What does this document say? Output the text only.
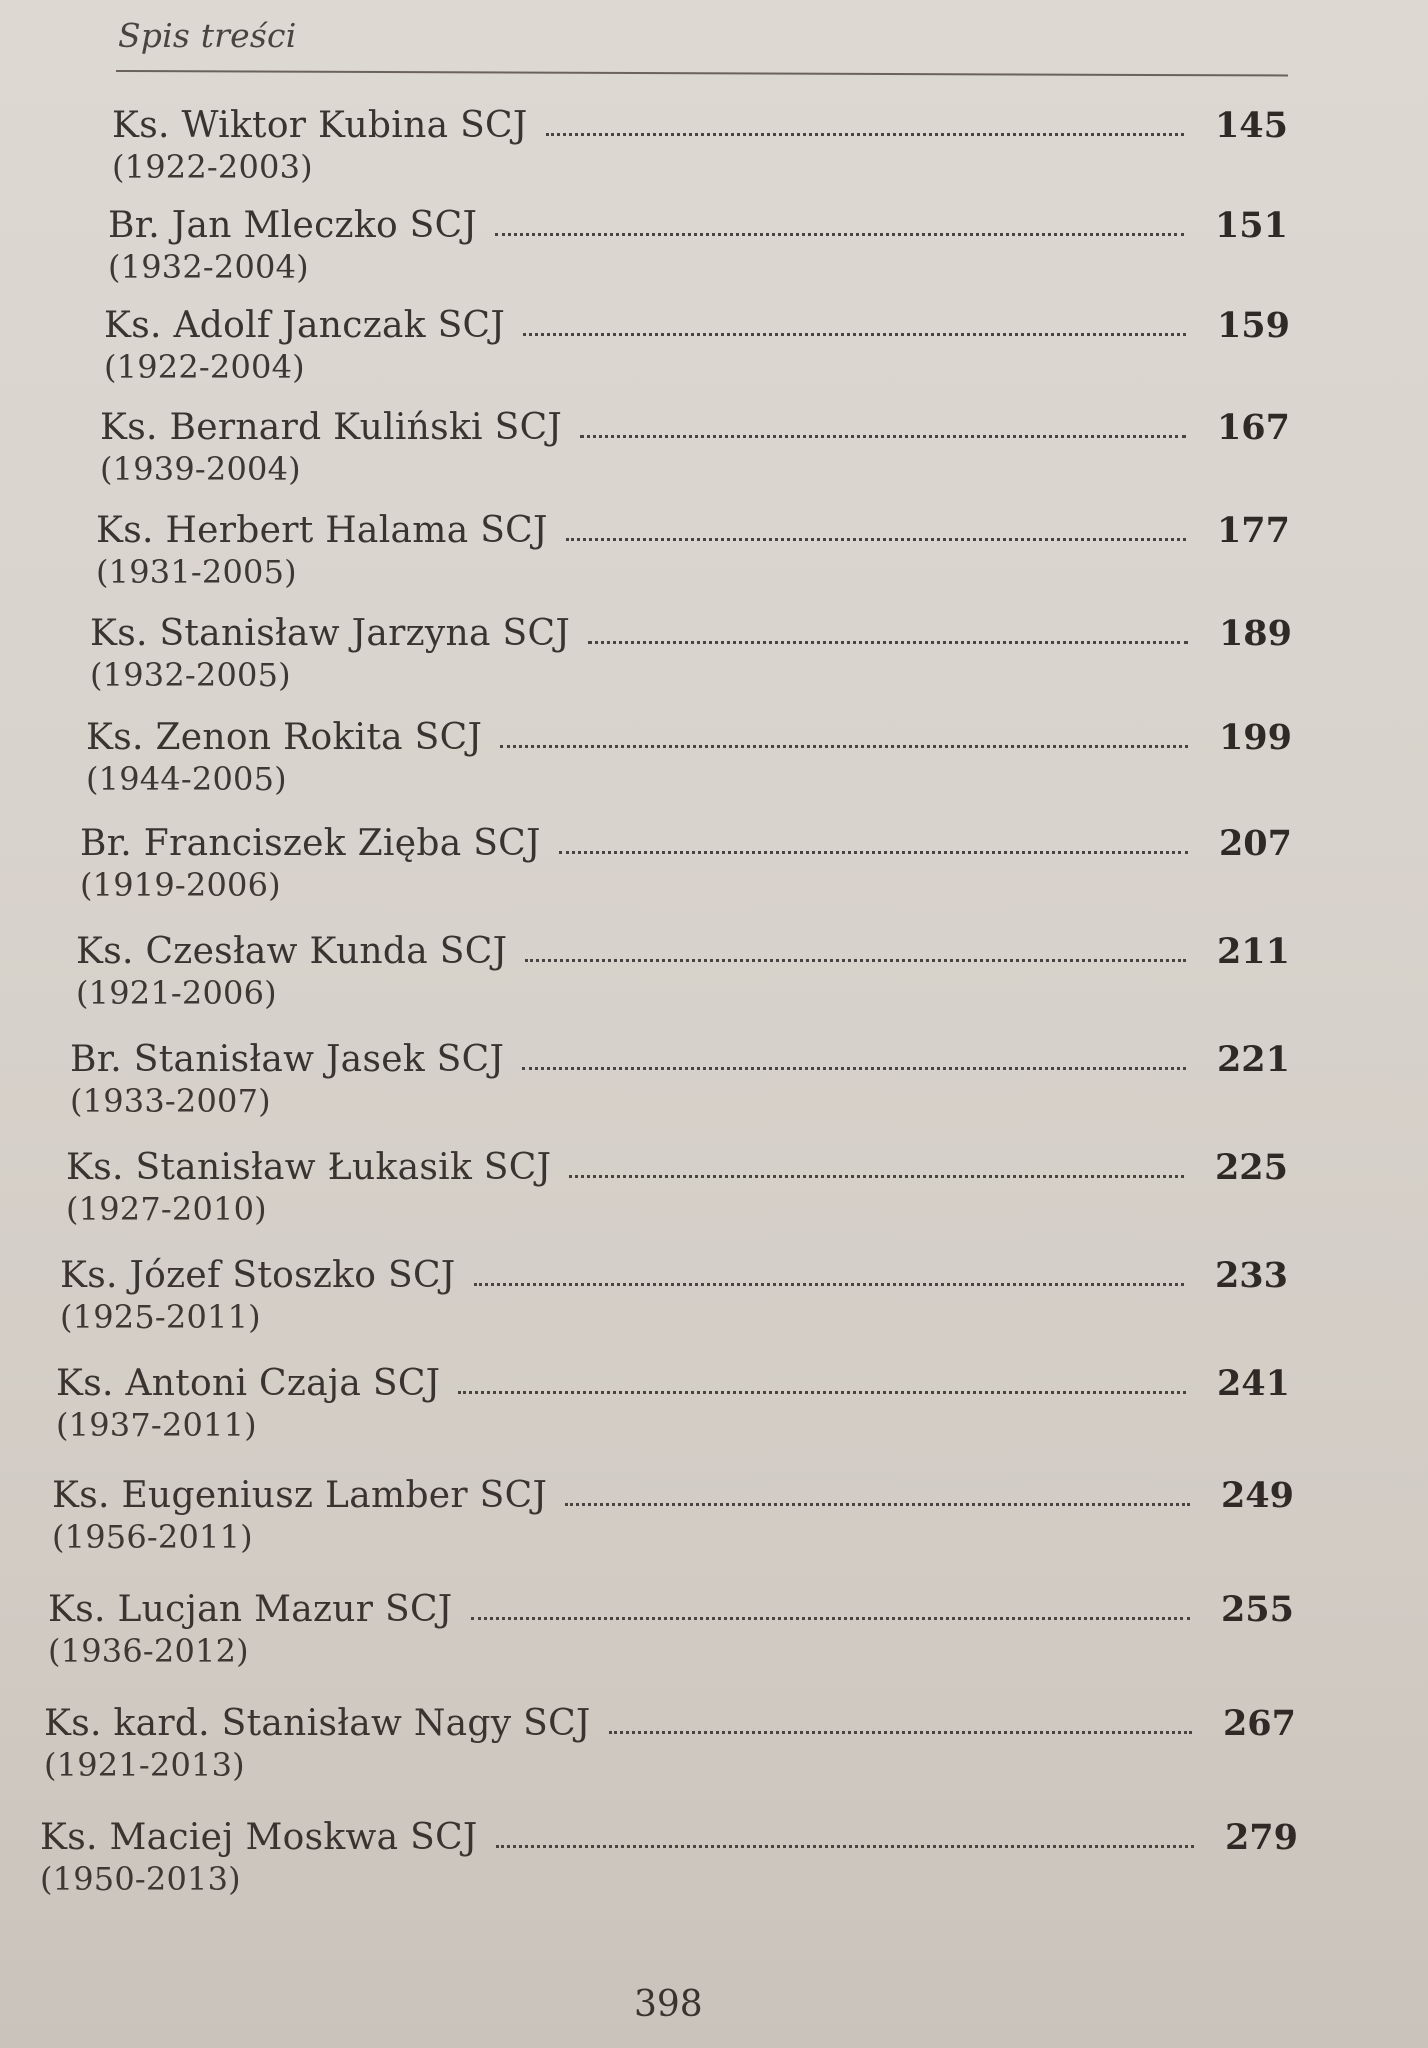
Spis treści
Ks. Wiktor Kubina SCJ	145
(1922-2003)
Br. Jan Mleczko SCJ	151
(1932-2004)
Ks. Adolf Janczak SCJ	159
(1922-2004)
Ks. Bernard Kuliński SCJ	167
(1939-2004)
Ks. Herbert Halama SCJ	177
(1931-2005)
Ks. Stanisław Jarzyna SCJ	189
(1932-2005)
Ks. Zenon Rokita SCJ	199
(1944-2005)
Br. Franciszek Zięba SCJ	207
(1919-2006)
Ks. Czesław Kunda SCJ	211
(1921-2006)
Br. Stanisław Jasek SCJ	221
(1933-2007)
Ks. Stanisław Łukasik SCJ	225
(1927-2010)
Ks. Józef Stoszko SCJ	233
(1925-2011)
Ks. Antoni Czaja SCJ	241
(1937-2011)
Ks. Eugeniusz Lamber SCJ	249
(1956-2011)
Ks. Lucjan Mazur SCJ	255
(1936-2012)
Ks. kard. Stanisław Nagy SCJ	267
(1921-2013)
Ks. Maciej Moskwa SCJ	279
(1950-2013)
398
